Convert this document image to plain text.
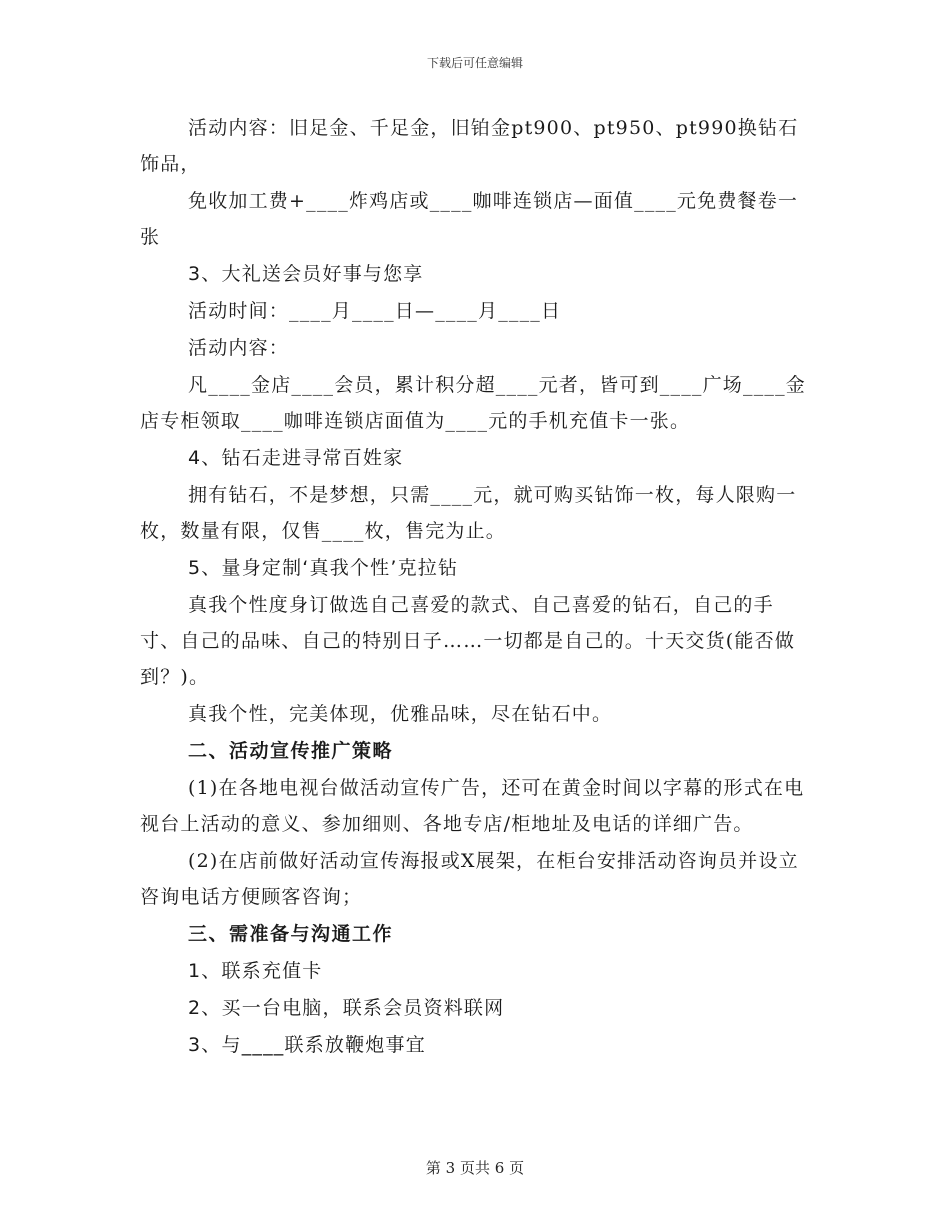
下载后可任意编辑

活动内容：旧足金、千足金，旧铂金pt900、pt950、pt990换钻石饰品，

免收加工费+____炸鸡店或____咖啡连锁店—面值____元免费餐卷一张

3、大礼送会员好事与您享

活动时间：____月____日—____月____日

活动内容：

凡____金店____会员，累计积分超____元者，皆可到____广场____金店专柜领取____咖啡连锁店面值为____元的手机充值卡一张。

4、钻石走进寻常百姓家

拥有钻石，不是梦想，只需____元，就可购买钻饰一枚，每人限购一枚，数量有限，仅售____枚，售完为止。

5、量身定制‘真我个性’克拉钻

真我个性度身订做选自己喜爱的款式、自己喜爱的钻石，自己的手寸、自己的品味、自己的特别日子……一切都是自己的。十天交货(能否做到？)。

真我个性，完美体现，优雅品味，尽在钻石中。

二、活动宣传推广策略

(1)在各地电视台做活动宣传广告，还可在黄金时间以字幕的形式在电视台上活动的意义、参加细则、各地专店/柜地址及电话的详细广告。

(2)在店前做好活动宣传海报或X展架，在柜台安排活动咨询员并设立咨询电话方便顾客咨询；

三、需准备与沟通工作

1、联系充值卡

2、买一台电脑，联系会员资料联网

3、与____联系放鞭炮事宜

第 3 页共 6 页
